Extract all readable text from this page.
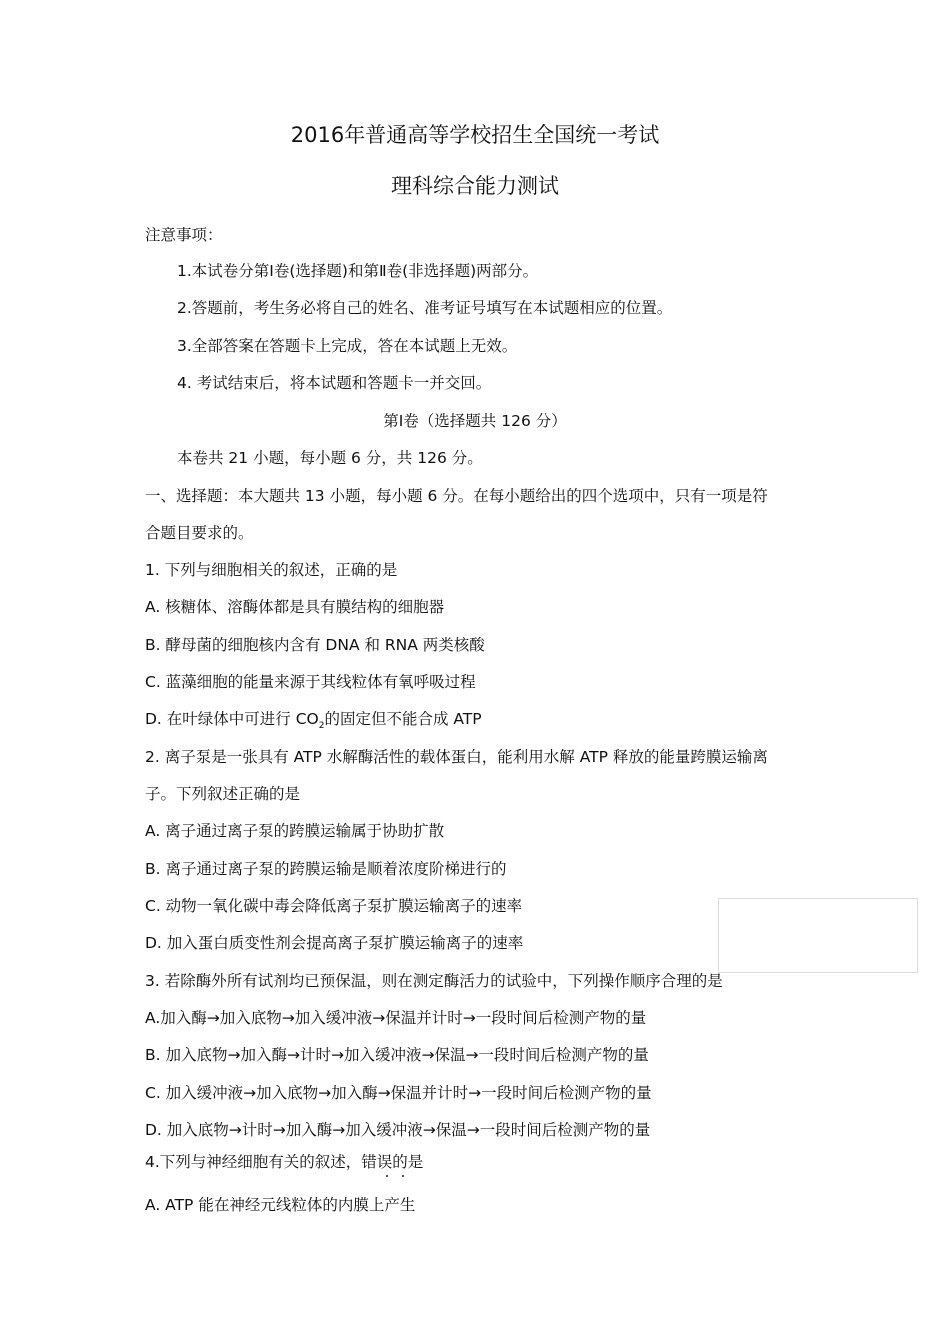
2016年普通高等学校招生全国统一考试
理科综合能力测试
注意事项：
1.本试卷分第Ⅰ卷(选择题)和第Ⅱ卷(非选择题)两部分。
2.答题前，考生务必将自己的姓名、准考证号填写在本试题相应的位置。
3.全部答案在答题卡上完成，答在本试题上无效。
4. 考试结束后，将本试题和答题卡一并交回。
第Ⅰ卷（选择题共 126 分）
本卷共 21 小题，每小题 6 分，共 126 分。
一、选择题：本大题共 13 小题，每小题 6 分。在每小题给出的四个选项中，只有一项是符
合题目要求的。
1. 下列与细胞相关的叙述，正确的是
A. 核糖体、溶酶体都是具有膜结构的细胞器
B. 酵母菌的细胞核内含有 DNA 和 RNA 两类核酸
C. 蓝藻细胞的能量来源于其线粒体有氧呼吸过程
D. 在叶绿体中可进行 $CO_2$的固定但不能合成 ATP
2. 离子泵是一张具有 ATP 水解酶活性的载体蛋白，能利用水解 ATP 释放的能量跨膜运输离
子。下列叙述正确的是
A. 离子通过离子泵的跨膜运输属于协助扩散
B. 离子通过离子泵的跨膜运输是顺着浓度阶梯进行的
C. 动物一氧化碳中毒会降低离子泵扩膜运输离子的速率
D. 加入蛋白质变性剂会提高离子泵扩膜运输离子的速率
3. 若除酶外所有试剂均已预保温，则在测定酶活力的试验中，下列操作顺序合理的是
A.加入酶→加入底物→加入缓冲液→保温并计时→一段时间后检测产物的量
B. 加入底物→加入酶→计时→加入缓冲液→保温→一段时间后检测产物的量
C. 加入缓冲液→加入底物→加入酶→保温并计时→一段时间后检测产物的量
D. 加入底物→计时→加入酶→加入缓冲液→保温→一段时间后检测产物的量
4.下列与神经细胞有关的叙述，错误的是
A. ATP 能在神经元线粒体的内膜上产生
